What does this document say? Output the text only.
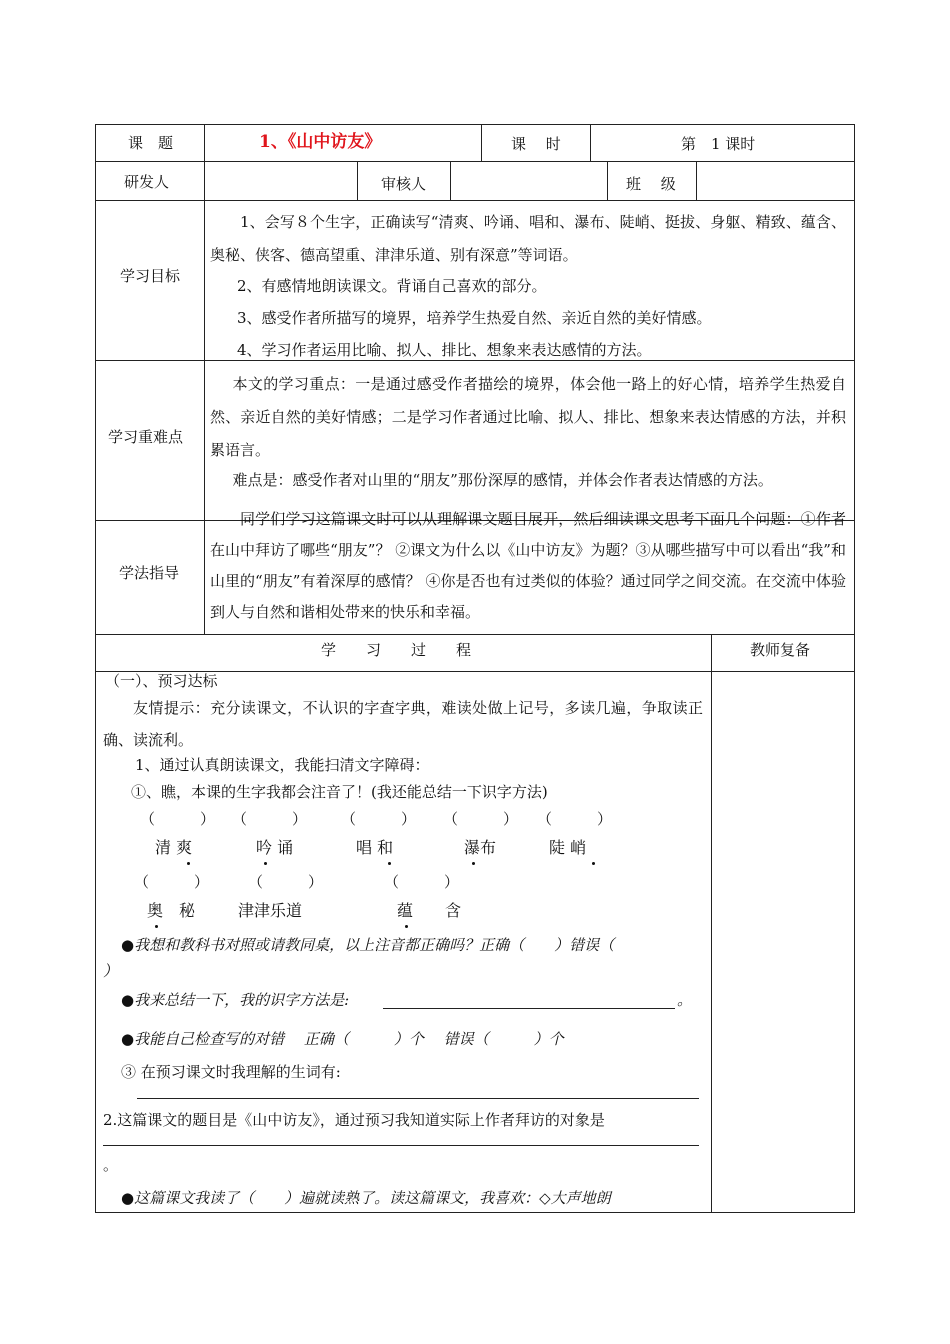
课　题	1、《山中访友》	课　 时	第　1 课时
研发人	审核人	班　 级
学习目标
1、会写８个生字，正确读写“清爽、吟诵、唱和、瀑布、陡峭、挺拔、身躯、精致、蕴含、奥秘、侠客、德高望重、津津乐道、别有深意”等词语。
2、有感情地朗读课文。背诵自己喜欢的部分。
3、感受作者所描写的境界，培养学生热爱自然、亲近自然的美好情感。
4、学习作者运用比喻、拟人、排比、想象来表达感情的方法。
学习重难点
本文的学习重点：一是通过感受作者描绘的境界，体会他一路上的好心情，培养学生热爱自然、亲近自然的美好情感；二是学习作者通过比喻、拟人、排比、想象来表达情感的方法，并积累语言。
难点是：感受作者对山里的“朋友”那份深厚的感情，并体会作者表达情感的方法。
学法指导
同学们学习这篇课文时可以从理解课文题目展开，然后细读课文思考下面几个问题：①作者在山中拜访了哪些“朋友”？ ②课文为什么以《山中访友》为题？③从哪些描写中可以看出“我”和山里的“朋友”有着深厚的感情？ ④你是否也有过类似的体验？通过同学之间交流。在交流中体验到人与自然和谐相处带来的快乐和幸福。
学　　习　　过　　程	教师复备
（一）、预习达标
友情提示：充分读课文，不认识的字查字典，难读处做上记号，多读几遍，争取读正确、读流利。
1、通过认真朗读课文，我能扫清文字障碍：
①、瞧，本课的生字我都会注音了！(我还能总结一下识字方法)
（　　　） （　　　） （　　　） （　　　） （　　　）
清 爽	吟 诵	唱 和	瀑布	陡 峭
（　　　）	（　　　）	（　　　）
奥　秘	津津乐道	蕴　　含
●我想和教科书对照或请教同桌，以上注音都正确吗？正确（　　）错误（
）
●我来总结一下，我的识字方法是:	。
●我能自己检查写的对错　 正确（　　　）个　 错误（　　　）个
③ 在预习课文时我理解的生词有:
2.这篇课文的题目是《山中访友》，通过预习我知道实际上作者拜访的对象是
。
●这篇课文我读了（　　）遍就读熟了。读这篇课文，我喜欢：◇大声地朗
